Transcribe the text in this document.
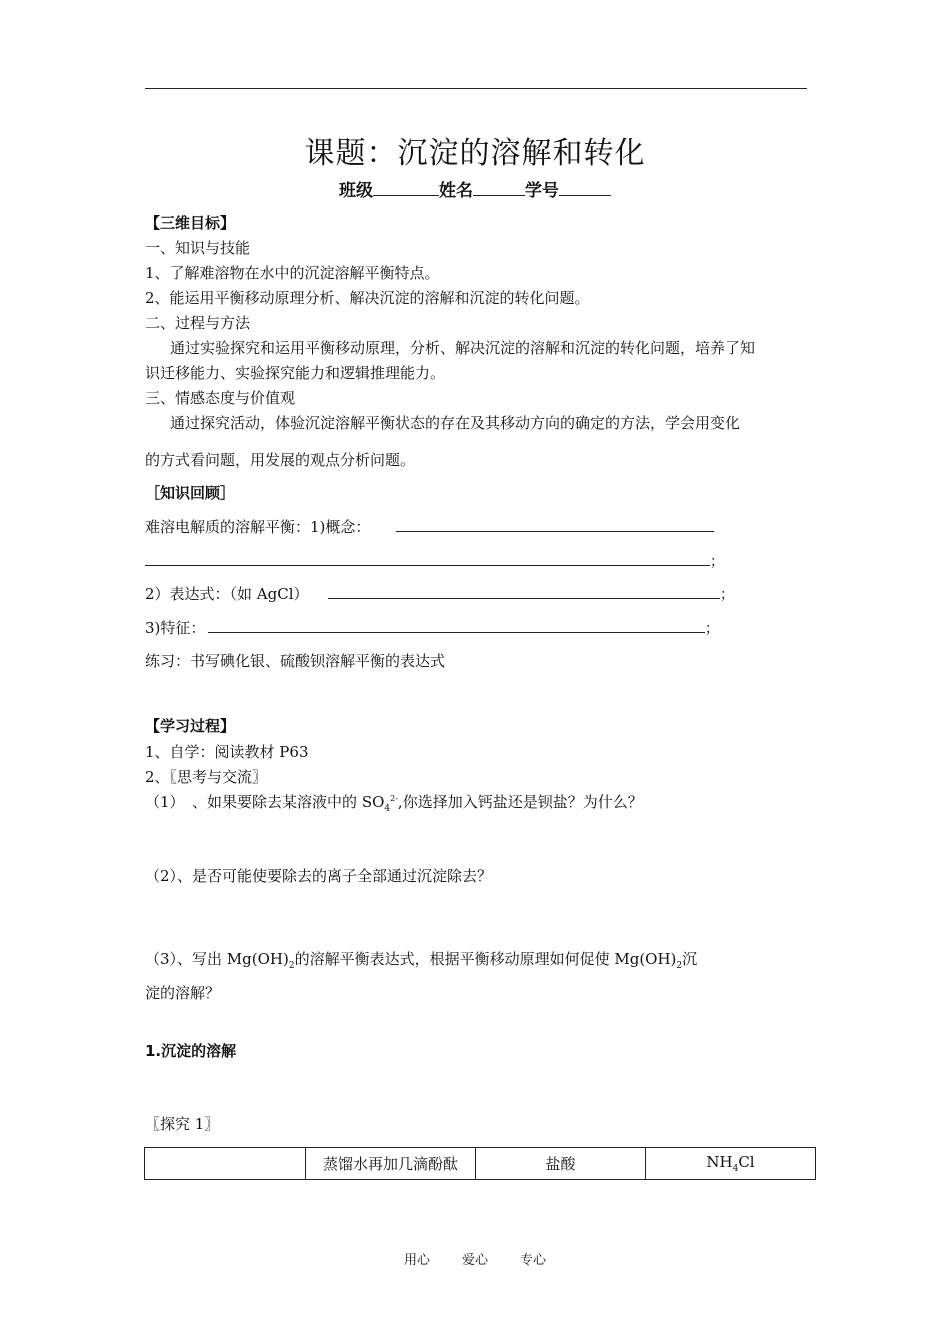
课题：沉淀的溶解和转化
班级	姓名	学号
【三维目标】
一、知识与技能
1、了解难溶物在水中的沉淀溶解平衡特点。
2、能运用平衡移动原理分析、解决沉淀的溶解和沉淀的转化问题。
二、过程与方法
通过实验探究和运用平衡移动原理，分析、解决沉淀的溶解和沉淀的转化问题，培养了知
识迁移能力、实验探究能力和逻辑推理能力。
三、情感态度与价值观
通过探究活动，体验沉淀溶解平衡状态的存在及其移动方向的确定的方法，学会用变化
的方式看问题，用发展的观点分析问题。
［知识回顾］
难溶电解质的溶解平衡：1)概念：
；
2）表达式：（如 AgCl）	；
3)特征：	；
练习：书写碘化银、硫酸钡溶解平衡的表达式
【学习过程】
1、自学：阅读教材 P63
2、〖思考与交流〗
（1）　、如果要除去某溶液中的 $SO_4^{2-}$,你选择加入钙盐还是钡盐？为什么？
（2）、是否可能使要除去的离子全部通过沉淀除去？
（3）、写出 $Mg(OH)_2$的溶解平衡表达式，根据平衡移动原理如何促使 $Mg(OH)_2$沉
淀的溶解？
1.沉淀的溶解
〖探究 1〗
	蒸馏水再加几滴酚酞	盐酸	$NH_4Cl$
用心 爱心 专心
